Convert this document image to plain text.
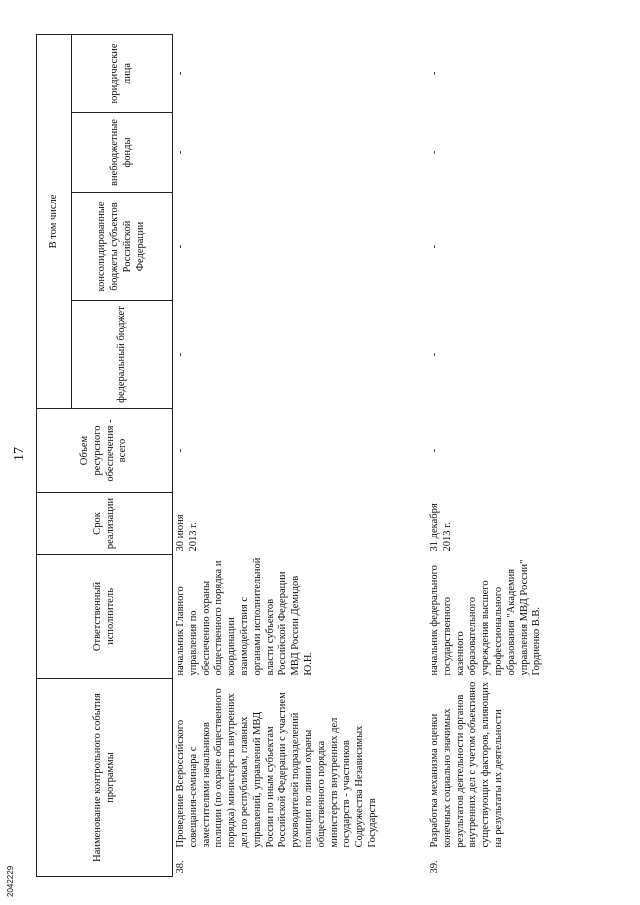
17
2042229
Наименование контрольного события программы		Ответственный исполнитель	Срок реализации	Объем ресурсного обеспечения - всего	В том числе			
					федеральный бюджет	консолидированные бюджеты субъектов Российской Федерации	внебюджетные фонды	юридические лица
38.	Проведение Всероссийского совещания-семинара с заместителями начальников полиции (по охране общественного порядка) министерств внутренних дел по республикам, главных управлений, управлений МВД России по иным субъектам Российской Федерации с участием руководителей подразделений полиции по линии охраны общественного порядка министерств внутренних дел государств - участников Содружества Независимых Государств	начальник Главного управления по обеспечению охраны общественного порядка и координации взаимодействия с органами исполнительной власти субъектов Российской Федерации МВД России Демидов Ю.Н.	30 июня 2013 г.	-	-	-	-	-
39.	Разработка механизма оценки конечных социально значимых результатов деятельности органов внутренних дел с учетом объективно существующих факторов, влияющих на результаты их деятельности	начальник федерального государственного казенного образовательного учреждения высшего профессионального образования "Академия управления МВД России" Гордиенко В.В.	31 декабря 2013 г.	-	-	-	-	-
